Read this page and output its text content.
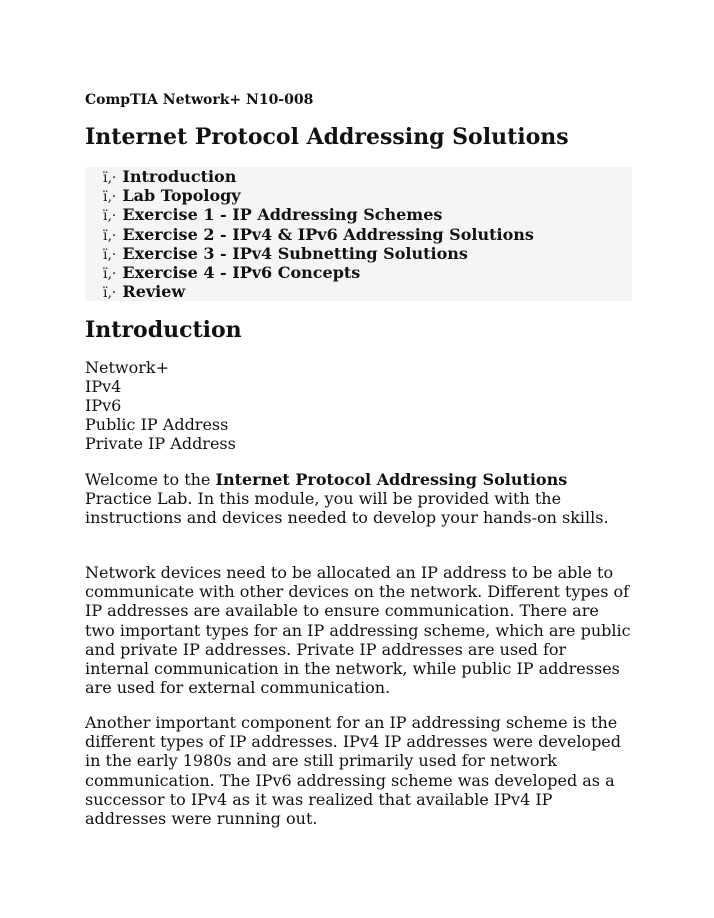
CompTIA Network+ N10-008

Internet Protocol Addressing Solutions
ï‚· Introduction
ï‚· Lab Topology
ï‚· Exercise 1 - IP Addressing Schemes
ï‚· Exercise 2 - IPv4 & IPv6 Addressing Solutions
ï‚· Exercise 3 - IPv4 Subnetting Solutions
ï‚· Exercise 4 - IPv6 Concepts
ï‚· Review
Introduction
Network+
IPv4
IPv6
Public IP Address
Private IP Address

Welcome to the Internet Protocol Addressing Solutions Practice Lab. In this module, you will be provided with the instructions and devices needed to develop your hands-on skills.

Network devices need to be allocated an IP address to be able to communicate with other devices on the network. Different types of IP addresses are available to ensure communication. There are two important types for an IP addressing scheme, which are public and private IP addresses. Private IP addresses are used for internal communication in the network, while public IP addresses are used for external communication.

Another important component for an IP addressing scheme is the different types of IP addresses. IPv4 IP addresses were developed in the early 1980s and are still primarily used for network communication. The IPv6 addressing scheme was developed as a successor to IPv4 as it was realized that available IPv4 IP addresses were running out.
